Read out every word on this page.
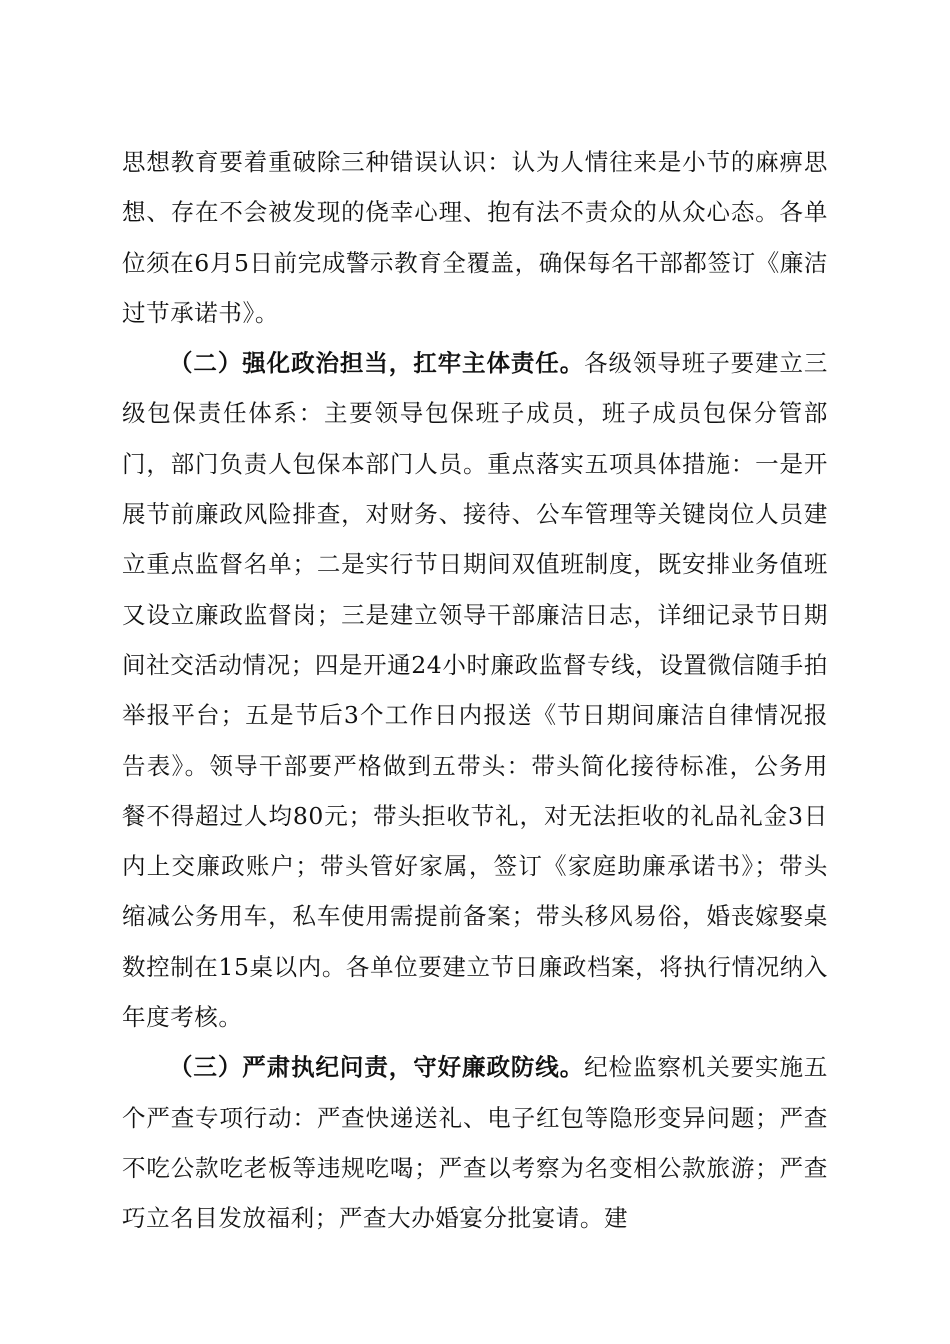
思想教育要着重破除三种错误认识：认为人情往来是小节的麻痹思想、存在不会被发现的侥幸心理、抱有法不责众的从众心态。各单位须在6月5日前完成警示教育全覆盖，确保每名干部都签订《廉洁过节承诺书》。

（二）强化政治担当，扛牢主体责任。各级领导班子要建立三级包保责任体系：主要领导包保班子成员，班子成员包保分管部门，部门负责人包保本部门人员。重点落实五项具体措施：一是开展节前廉政风险排查，对财务、接待、公车管理等关键岗位人员建立重点监督名单；二是实行节日期间双值班制度，既安排业务值班又设立廉政监督岗；三是建立领导干部廉洁日志，详细记录节日期间社交活动情况；四是开通24小时廉政监督专线，设置微信随手拍举报平台；五是节后3个工作日内报送《节日期间廉洁自律情况报告表》。领导干部要严格做到五带头：带头简化接待标准，公务用餐不得超过人均80元；带头拒收节礼，对无法拒收的礼品礼金3日内上交廉政账户；带头管好家属，签订《家庭助廉承诺书》；带头缩减公务用车，私车使用需提前备案；带头移风易俗，婚丧嫁娶桌数控制在15桌以内。各单位要建立节日廉政档案，将执行情况纳入年度考核。

（三）严肃执纪问责，守好廉政防线。纪检监察机关要实施五个严查专项行动：严查快递送礼、电子红包等隐形变异问题；严查不吃公款吃老板等违规吃喝；严查以考察为名变相公款旅游；严查巧立名目发放福利；严查大办婚宴分批宴请。建
